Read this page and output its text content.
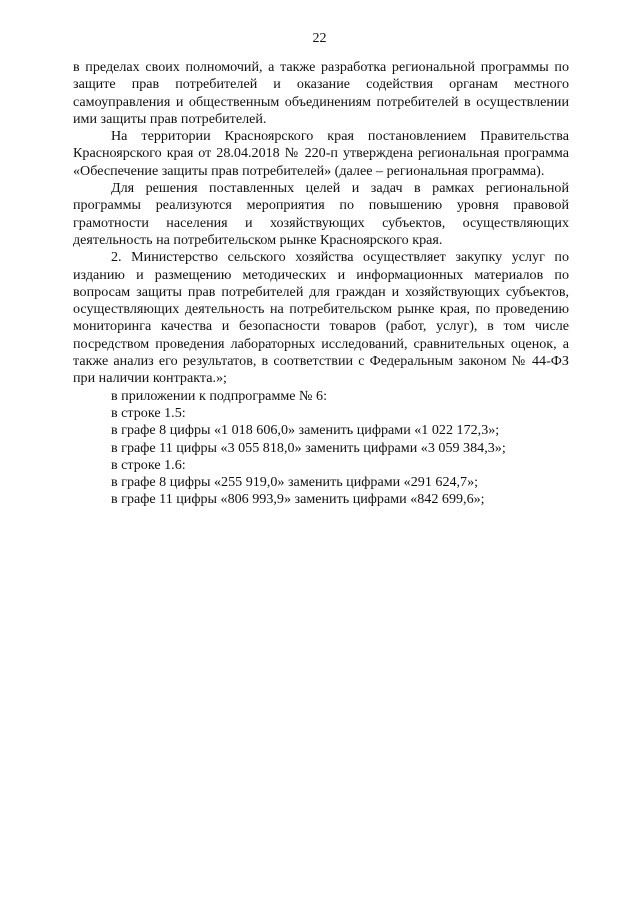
22

в пределах своих полномочий, а также разработка региональной программы по защите прав потребителей и оказание содействия органам местного самоуправления и общественным объединениям потребителей в осуществлении ими защиты прав потребителей.

На территории Красноярского края постановлением Правительства Красноярского края от 28.04.2018 № 220-п утверждена региональная программа «Обеспечение защиты прав потребителей» (далее – региональная программа).

Для решения поставленных целей и задач в рамках региональной программы реализуются мероприятия по повышению уровня правовой грамотности населения и хозяйствующих субъектов, осуществляющих деятельность на потребительском рынке Красноярского края.

2. Министерство сельского хозяйства осуществляет закупку услуг по изданию и размещению методических и информационных материалов по вопросам защиты прав потребителей для граждан и хозяйствующих субъектов, осуществляющих деятельность на потребительском рынке края, по проведению мониторинга качества и безопасности товаров (работ, услуг), в том числе посредством проведения лабораторных исследований, сравнительных оценок, а также анализ его результатов, в соответствии с Федеральным законом № 44-ФЗ при наличии контракта.»;

в приложении к подпрограмме № 6:

в строке 1.5:

в графе 8 цифры «1 018 606,0» заменить цифрами «1 022 172,3»;

в графе 11 цифры «3 055 818,0» заменить цифрами «3 059 384,3»;

в строке 1.6:

в графе 8 цифры «255 919,0» заменить цифрами «291 624,7»;

в графе 11 цифры «806 993,9» заменить цифрами «842 699,6»;
